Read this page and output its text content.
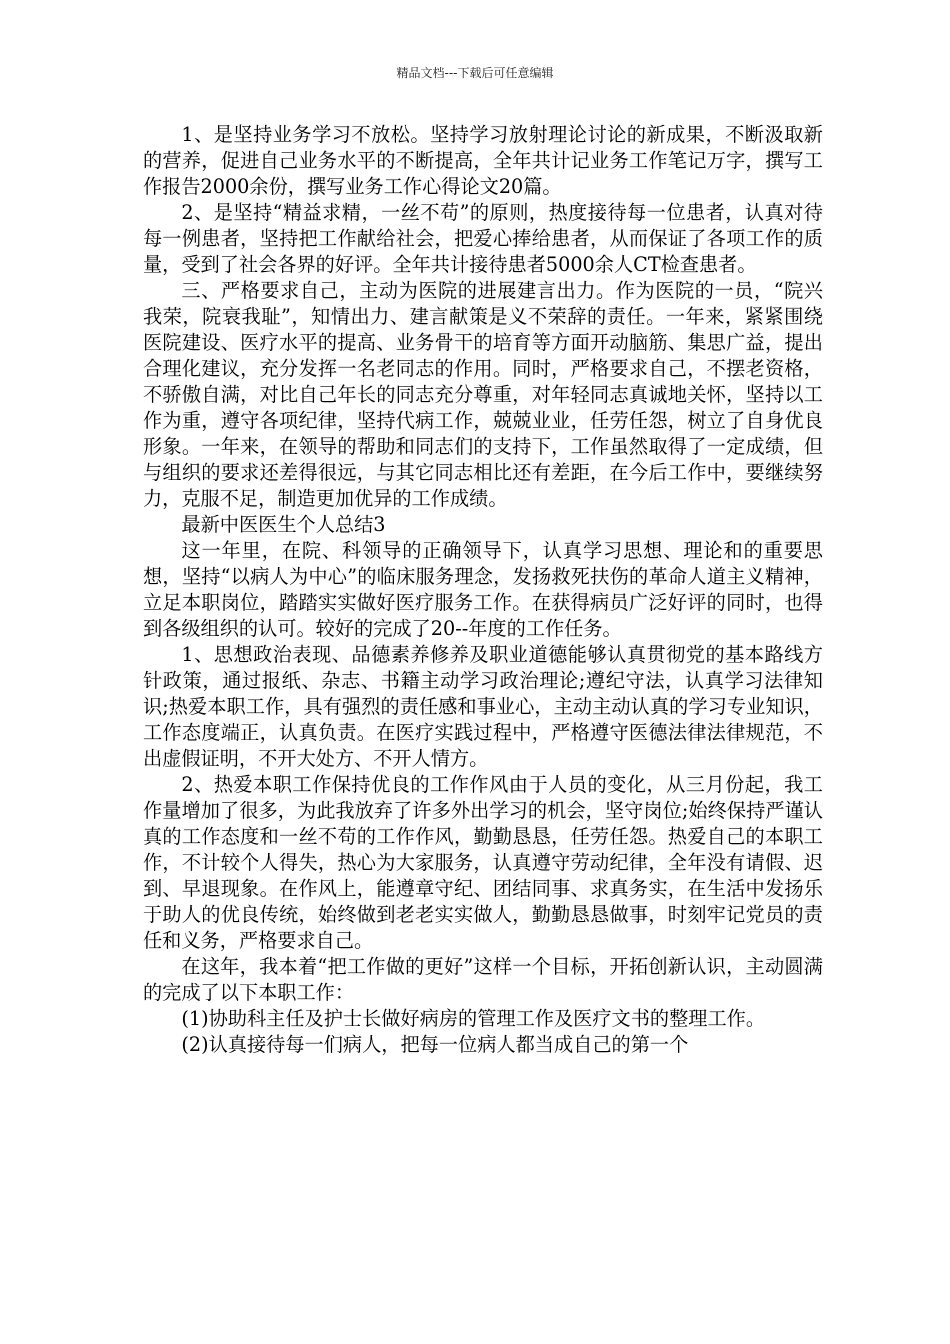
精品文档---下载后可任意编辑

1、是坚持业务学习不放松。坚持学习放射理论讨论的新成果，不断汲取新的营养，促进自己业务水平的不断提高，全年共计记业务工作笔记万字，撰写工作报告2000余份，撰写业务工作心得论文20篇。

2、是坚持“精益求精，一丝不苟”的原则，热度接待每一位患者，认真对待每一例患者，坚持把工作献给社会，把爱心捧给患者，从而保证了各项工作的质量，受到了社会各界的好评。全年共计接待患者5000余人CT检查患者。

三、严格要求自己，主动为医院的进展建言出力。作为医院的一员，“院兴我荣，院衰我耻”，知情出力、建言献策是义不荣辞的责任。一年来，紧紧围绕医院建设、医疗水平的提高、业务骨干的培育等方面开动脑筋、集思广益，提出合理化建议，充分发挥一名老同志的作用。同时，严格要求自己，不摆老资格，不骄傲自满，对比自己年长的同志充分尊重，对年轻同志真诚地关怀，坚持以工作为重，遵守各项纪律，坚持代病工作，兢兢业业，任劳任怨，树立了自身优良形象。一年来，在领导的帮助和同志们的支持下，工作虽然取得了一定成绩，但与组织的要求还差得很远，与其它同志相比还有差距，在今后工作中，要继续努力，克服不足，制造更加优异的工作成绩。

最新中医医生个人总结3

这一年里，在院、科领导的正确领导下，认真学习思想、理论和的重要思想，坚持“以病人为中心”的临床服务理念，发扬救死扶伤的革命人道主义精神，立足本职岗位，踏踏实实做好医疗服务工作。在获得病员广泛好评的同时，也得到各级组织的认可。较好的完成了20--年度的工作任务。

1、思想政治表现、品德素养修养及职业道德能够认真贯彻党的基本路线方针政策，通过报纸、杂志、书籍主动学习政治理论;遵纪守法，认真学习法律知识;热爱本职工作，具有强烈的责任感和事业心，主动主动认真的学习专业知识，工作态度端正，认真负责。在医疗实践过程中，严格遵守医德法律法律规范，不出虚假证明，不开大处方、不开人情方。

2、热爱本职工作保持优良的工作作风由于人员的变化，从三月份起，我工作量增加了很多，为此我放弃了许多外出学习的机会，坚守岗位;始终保持严谨认真的工作态度和一丝不苟的工作作风，勤勤恳恳，任劳任怨。热爱自己的本职工作，不计较个人得失，热心为大家服务，认真遵守劳动纪律，全年没有请假、迟到、早退现象。在作风上，能遵章守纪、团结同事、求真务实，在生活中发扬乐于助人的优良传统，始终做到老老实实做人，勤勤恳恳做事，时刻牢记党员的责任和义务，严格要求自己。

在这年，我本着“把工作做的更好”这样一个目标，开拓创新认识，主动圆满的完成了以下本职工作：

(1)协助科主任及护士长做好病房的管理工作及医疗文书的整理工作。

(2)认真接待每一们病人，把每一位病人都当成自己的第一个
